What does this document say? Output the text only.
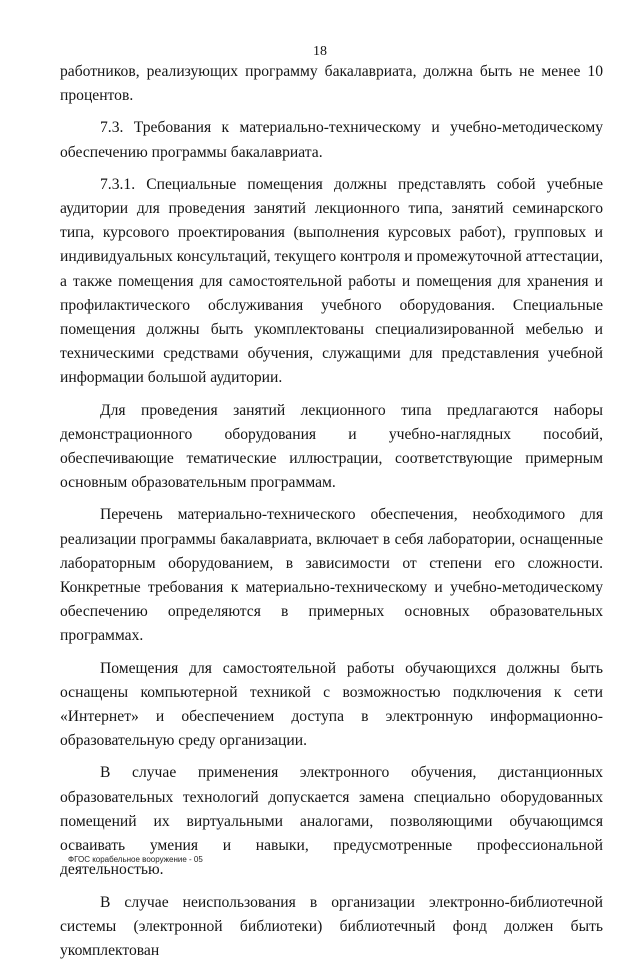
18

работников, реализующих программу бакалавриата, должна быть не менее 10 процентов.

7.3. Требования к материально-техническому и учебно-методическому обеспечению программы бакалавриата.

7.3.1. Специальные помещения должны представлять собой учебные аудитории для проведения занятий лекционного типа, занятий семинарского типа, курсового проектирования (выполнения курсовых работ), групповых и индивидуальных консультаций, текущего контроля и промежуточной аттестации, а также помещения для самостоятельной работы и помещения для хранения и профилактического обслуживания учебного оборудования. Специальные помещения должны быть укомплектованы специализированной мебелью и техническими средствами обучения, служащими для представления учебной информации большой аудитории.

Для проведения занятий лекционного типа предлагаются наборы демонстрационного оборудования и учебно-наглядных пособий, обеспечивающие тематические иллюстрации, соответствующие примерным основным образовательным программам.

Перечень материально-технического обеспечения, необходимого для реализации программы бакалавриата, включает в себя лаборатории, оснащенные лабораторным оборудованием, в зависимости от степени его сложности. Конкретные требования к материально-техническому и учебно-методическому обеспечению определяются в примерных основных образовательных программах.

Помещения для самостоятельной работы обучающихся должны быть оснащены компьютерной техникой с возможностью подключения к сети «Интернет» и обеспечением доступа в электронную информационно-образовательную среду организации.

В случае применения электронного обучения, дистанционных образовательных технологий допускается замена специально оборудованных помещений их виртуальными аналогами, позволяющими обучающимся осваивать умения и навыки, предусмотренные профессиональной деятельностью.

В случае неиспользования в организации электронно-библиотечной системы (электронной библиотеки) библиотечный фонд должен быть укомплектован

ФГОС корабельное вооружение - 05
